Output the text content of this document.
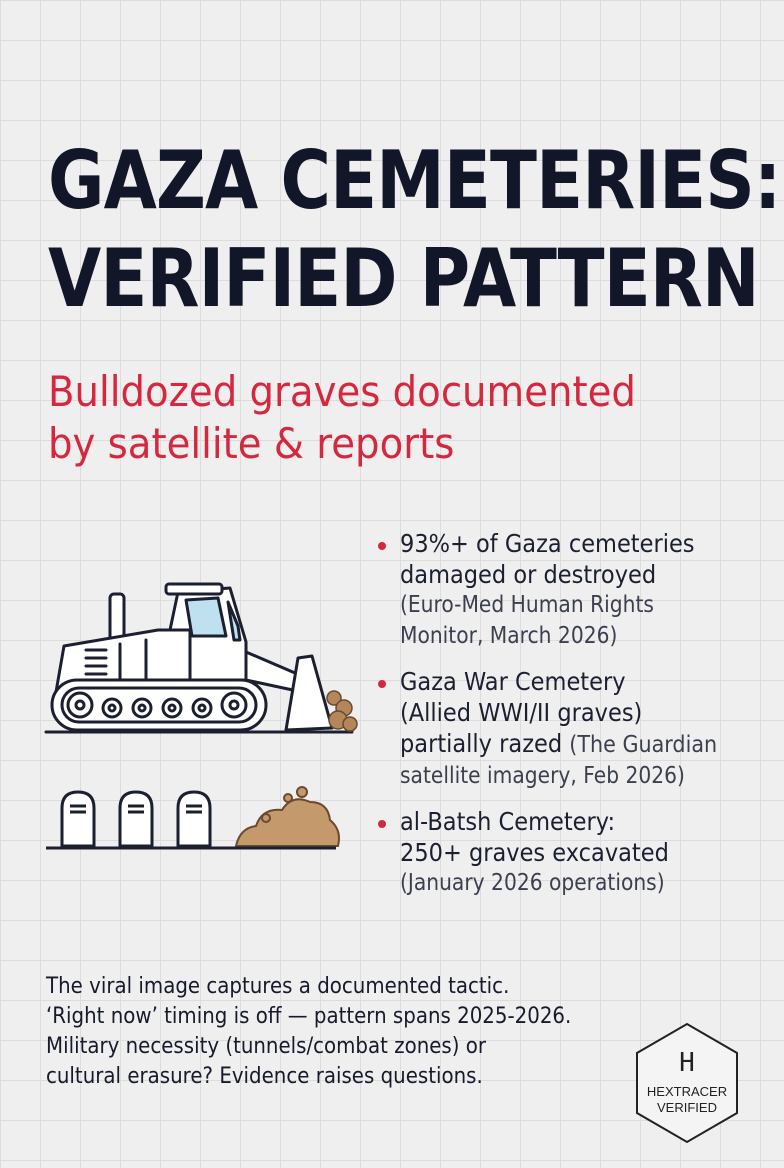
GAZA CEMETERIES:
VERIFIED PATTERN
Bulldozed graves documented
by satellite & reports
93%+ of Gaza cemeteries
damaged or destroyed
(Euro-Med Human Rights
Monitor, March 2026)
Gaza War Cemetery
(Allied WWI/II graves)
partially razed (The Guardian
satellite imagery, Feb 2026)
al-Batsh Cemetery:
250+ graves excavated
(January 2026 operations)
The viral image captures a documented tactic.
‘Right now’ timing is off — pattern spans 2025-2026.
Military necessity (tunnels/combat zones) or
cultural erasure? Evidence raises questions.	H
HEXTRACER
VERIFIED
